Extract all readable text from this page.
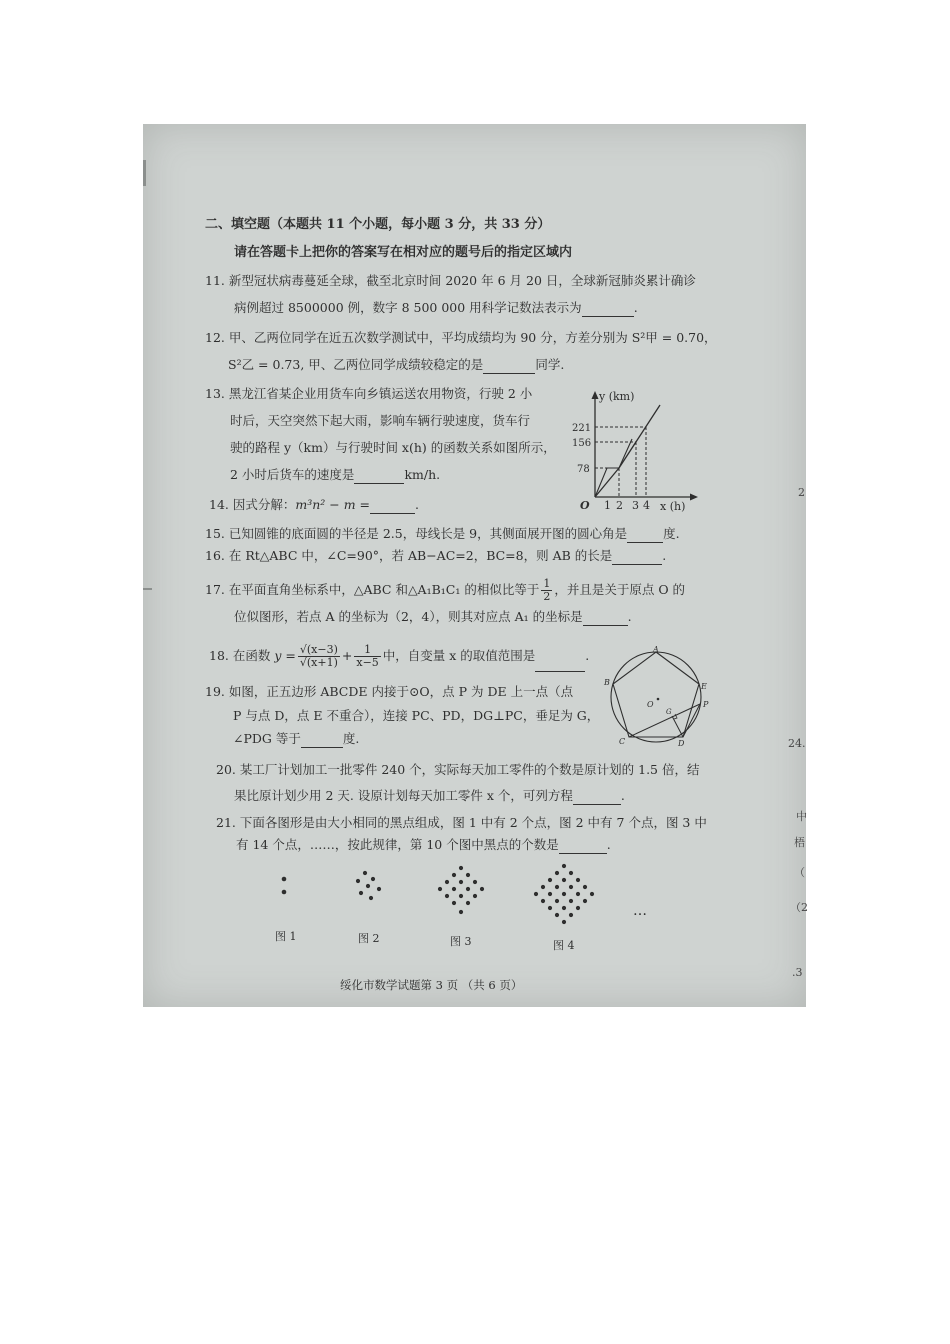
二、填空题（本题共 11 个小题，每小题 3 分，共 33 分）
请在答题卡上把你的答案写在相对应的题号后的指定区域内
11. 新型冠状病毒蔓延全球，截至北京时间 2020 年 6 月 20 日，全球新冠肺炎累计确诊
病例超过 8500000 例，数字 8 500 000 用科学记数法表示为	.
12. 甲、乙两位同学在近五次数学测试中，平均成绩均为 90 分，方差分别为 S²甲 = 0.70，
S²乙 = 0.73, 甲、乙两位同学成绩较稳定的是	同学.
13. 黑龙江省某企业用货车向乡镇运送农用物资，行驶 2 小
时后，天空突然下起大雨，影响车辆行驶速度，货车行
驶的路程 y（km）与行驶时间 x(h) 的函数关系如图所示，
2 小时后货车的速度是	km/h.
y (km)
221
156
78
O 1 2 3 4 x (h)
14. 因式分解：m³n² − m =	.
15. 已知圆锥的底面圆的半径是 2.5，母线长是 9，其侧面展开图的圆心角是	度.
16. 在 Rt△ABC 中，∠C=90°，若 AB−AC=2，BC=8，则 AB 的长是	.
17. 在平面直角坐标系中，△ABC 和△A₁B₁C₁ 的相似比等于 $\frac{1}{2}$ ，并且是关于原点 O 的
位似图形，若点 A 的坐标为（2，4），则其对应点 A₁ 的坐标是	.
18. 在函数 $y = \frac{√(x-3)}{√(x+1)} + \frac{1}{x-5}$ 中，自变量 x 的取值范围是	.
19. 如图，正五边形 ABCDE 内接于⊙O，点 P 为 DE 上一点（点
P 与点 D，点 E 不重合），连接 PC、PD，DG⊥PC，垂足为 G，
∠PDG 等于	度.
A
B
C	D
E
P
G
O
20. 某工厂计划加工一批零件 240 个，实际每天加工零件的个数是原计划的 1.5 倍，结
果比原计划少用 2 天. 设原计划每天加工零件 x 个，可列方程	.
21. 下面各图形是由大小相同的黑点组成，图 1 中有 2 个点，图 2 中有 7 个点，图 3 中
有 14 个点，……，按此规律，第 10 个图中黑点的个数是	.
…
图 1	图 2	图 3	图 4
绥化市数学试题第 3 页 （共 6 页）
2
24.
中
梧
（
（2
.3
